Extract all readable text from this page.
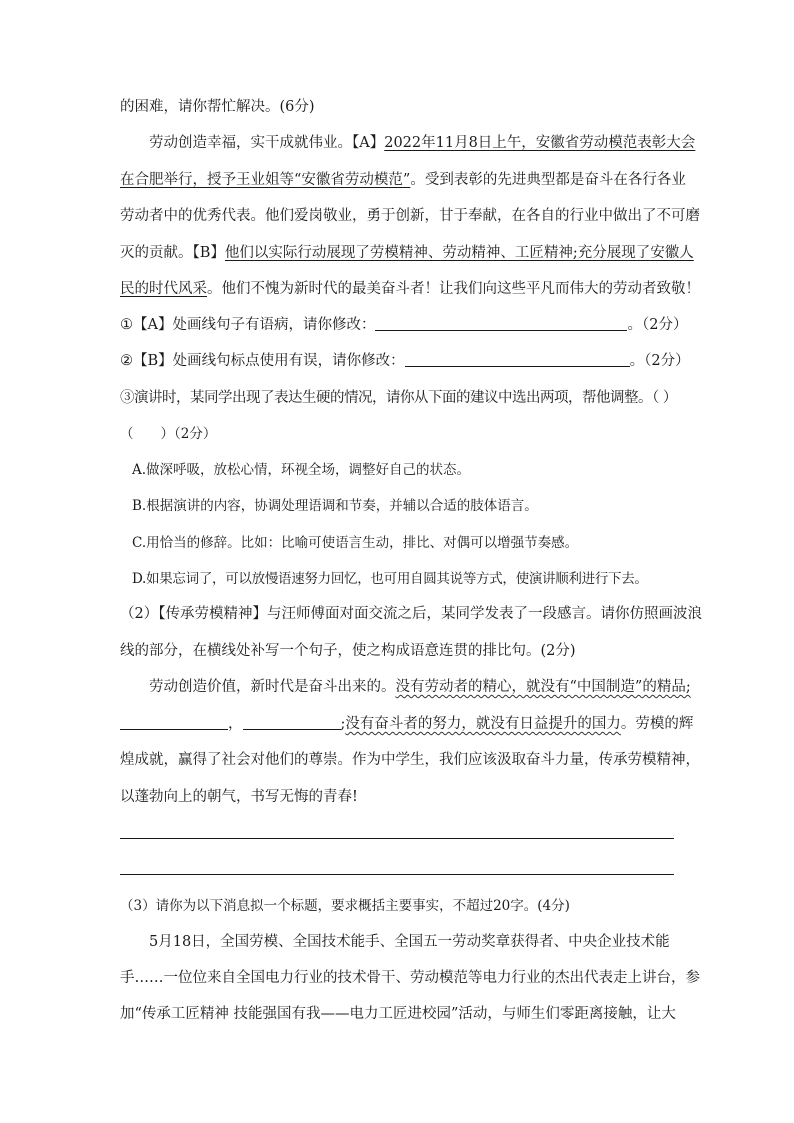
的困难，请你帮忙解决。(6分)
劳动创造幸福，实干成就伟业。【A】2022年11月8日上午，安徽省劳动模范表彰大会
在合肥举行，授予王业姐等“安徽省劳动模范”。受到表彰的先进典型都是奋斗在各行各业
劳动者中的优秀代表。他们爱岗敬业，勇于创新，甘于奉献，在各自的行业中做出了不可磨
灭的贡献。【B】他们以实际行动展现了劳模精神、劳动精神、工匠精神;充分展现了安徽人
民的时代风采。他们不愧为新时代的最美奋斗者！让我们向这些平凡而伟大的劳动者致敬！
①【A】处画线句子有语病，请你修改：	。（2分）
②【B】处画线句标点使用有误，请你修改：	。（2分）
③演讲时，某同学出现了表达生硬的情况，请你从下面的建议中选出两项，帮他调整。（ ）
（　　）（2分）
A.做深呼吸，放松心情，环视全场，调整好自己的状态。
B.根据演讲的内容，协调处理语调和节奏，并辅以合适的肢体语言。
C.用恰当的修辞。比如：比喻可使语言生动，排比、对偶可以增强节奏感。
D.如果忘词了，可以放慢语速努力回忆，也可用自圆其说等方式，使演讲顺利进行下去。
（2）【传承劳模精神】与汪师傅面对面交流之后，某同学发表了一段感言。请你仿照画波浪
线的部分，在横线处补写一个句子，使之构成语意连贯的排比句。(2分)
劳动创造价值，新时代是奋斗出来的。没有劳动者的精心，就没有“中国制造”的精品;
，	;没有奋斗者的努力，就没有日益提升的国力。劳模的辉
煌成就，赢得了社会对他们的尊崇。作为中学生，我们应该汲取奋斗力量，传承劳模精神，
以蓬勃向上的朝气，书写无悔的青春!
（3）请你为以下消息拟一个标题，要求概括主要事实，不超过20字。(4分)
5月18日，全国劳模、全国技术能手、全国五一劳动奖章获得者、中央企业技术能
手……一位位来自全国电力行业的技术骨干、劳动模范等电力行业的杰出代表走上讲台，参
加“传承工匠精神 技能强国有我——电力工匠进校园”活动，与师生们零距离接触，让大
